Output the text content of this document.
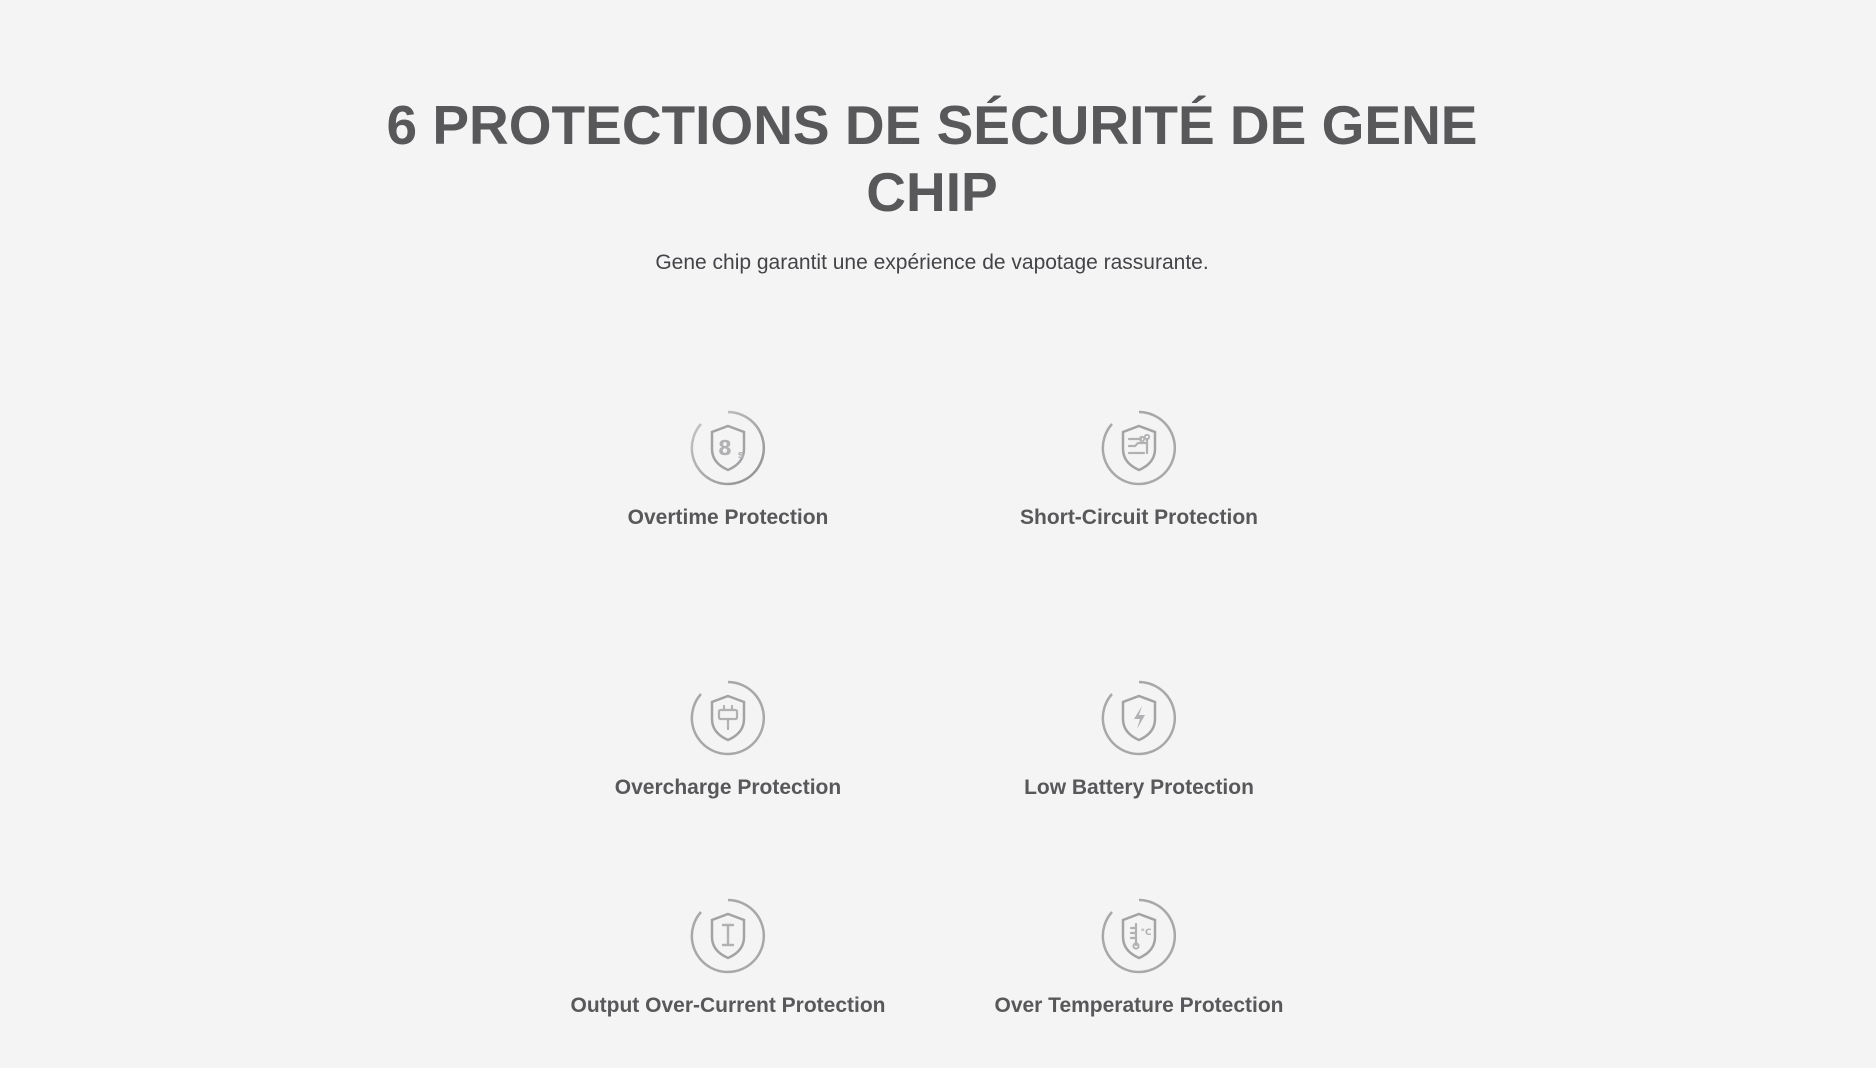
6 PROTECTIONS DE SÉCURITÉ DE GENE
CHIP

Gene chip garantit une expérience de vapotage rassurante.

8 s
Overtime Protection	Short-Circuit Protection
Overcharge Protection	Low Battery Protection
Output Over-Current Protection
°C
Over Temperature Protection
